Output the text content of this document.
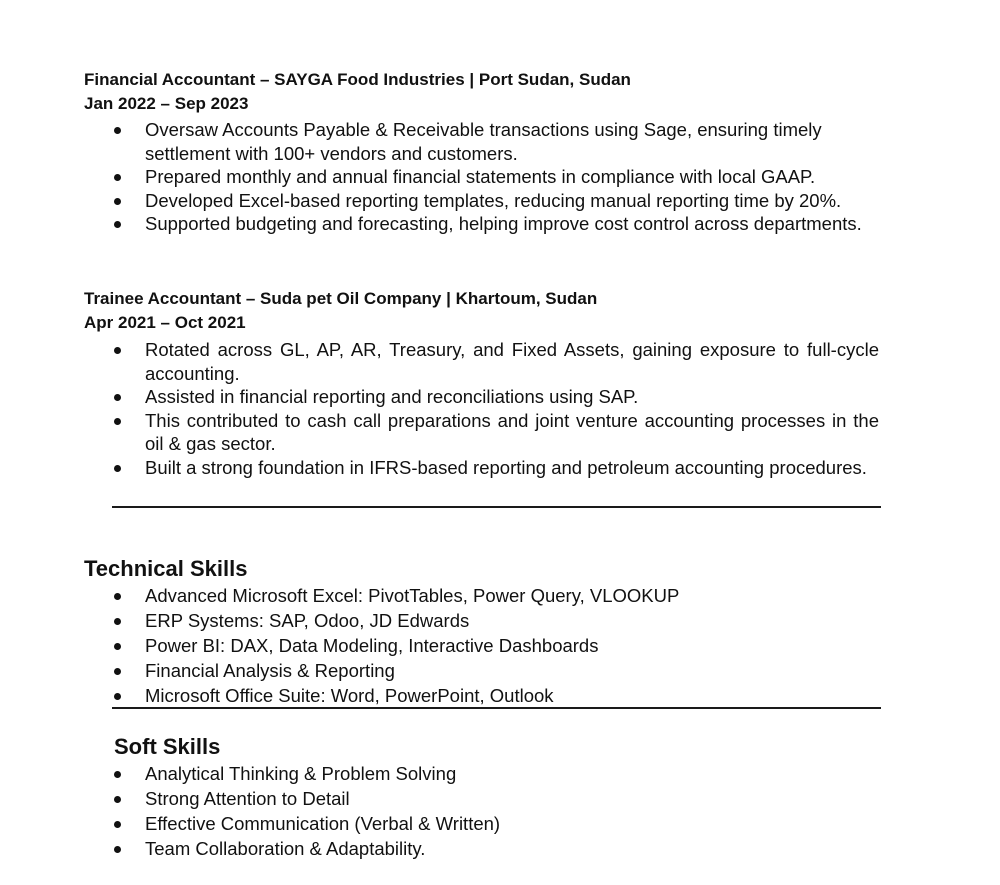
Financial Accountant – SAYGA Food Industries | Port Sudan, Sudan
Jan 2022 – Sep 2023
Oversaw Accounts Payable & Receivable transactions using Sage, ensuring timely settlement with 100+ vendors and customers.
Prepared monthly and annual financial statements in compliance with local GAAP.
Developed Excel-based reporting templates, reducing manual reporting time by 20%.
Supported budgeting and forecasting, helping improve cost control across departments.
Trainee Accountant – Suda pet Oil Company | Khartoum, Sudan
Apr 2021 – Oct 2021
Rotated across GL, AP, AR, Treasury, and Fixed Assets, gaining exposure to full-cycle accounting.
Assisted in financial reporting and reconciliations using SAP.
This contributed to cash call preparations and joint venture accounting processes in the oil & gas sector.
Built a strong foundation in IFRS-based reporting and petroleum accounting procedures.
Technical Skills
Advanced Microsoft Excel: PivotTables, Power Query, VLOOKUP
ERP Systems: SAP, Odoo, JD Edwards
Power BI: DAX, Data Modeling, Interactive Dashboards
Financial Analysis & Reporting
Microsoft Office Suite: Word, PowerPoint, Outlook
Soft Skills
Analytical Thinking & Problem Solving
Strong Attention to Detail
Effective Communication (Verbal & Written)
Team Collaboration & Adaptability.
